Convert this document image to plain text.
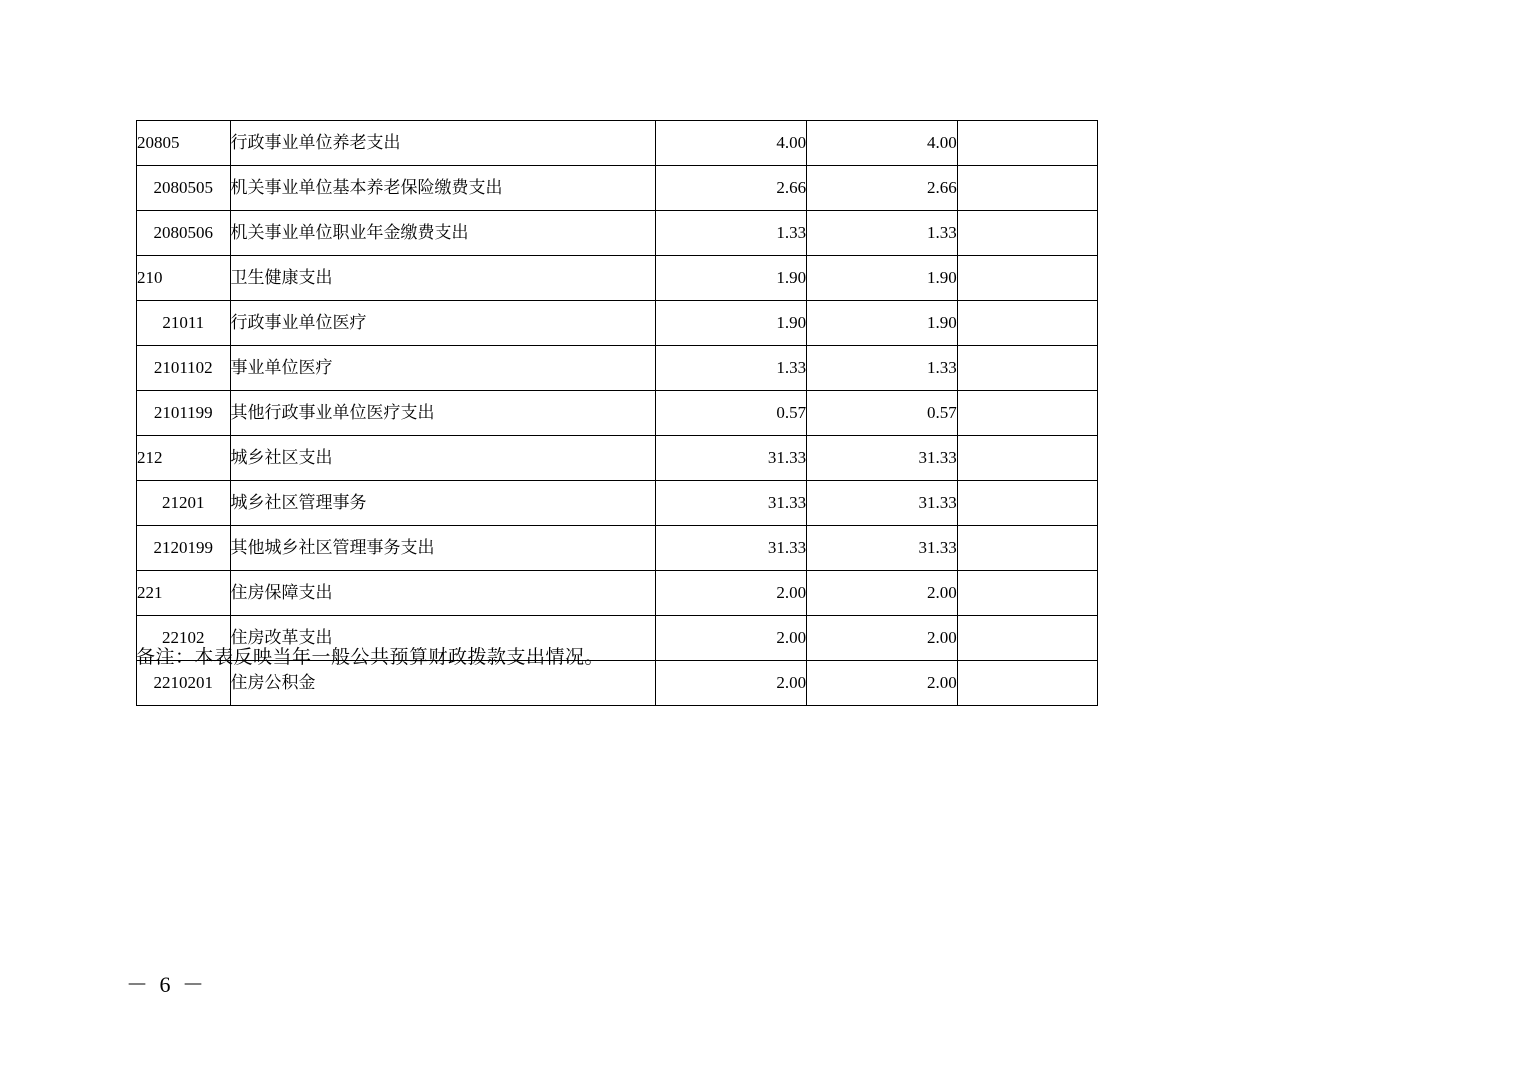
20805	行政事业单位养老支出	4.00	4.00	
2080505	机关事业单位基本养老保险缴费支出	2.66	2.66	
2080506	机关事业单位职业年金缴费支出	1.33	1.33	
210	卫生健康支出	1.90	1.90	
21011	行政事业单位医疗	1.90	1.90	
2101102	事业单位医疗	1.33	1.33	
2101199	其他行政事业单位医疗支出	0.57	0.57	
212	城乡社区支出	31.33	31.33	
21201	城乡社区管理事务	31.33	31.33	
2120199	其他城乡社区管理事务支出	31.33	31.33	
221	住房保障支出	2.00	2.00	
22102	住房改革支出	2.00	2.00	
2210201	住房公积金	2.00	2.00	
备注：本表反映当年一般公共预算财政拨款支出情况。
－ 6 －
